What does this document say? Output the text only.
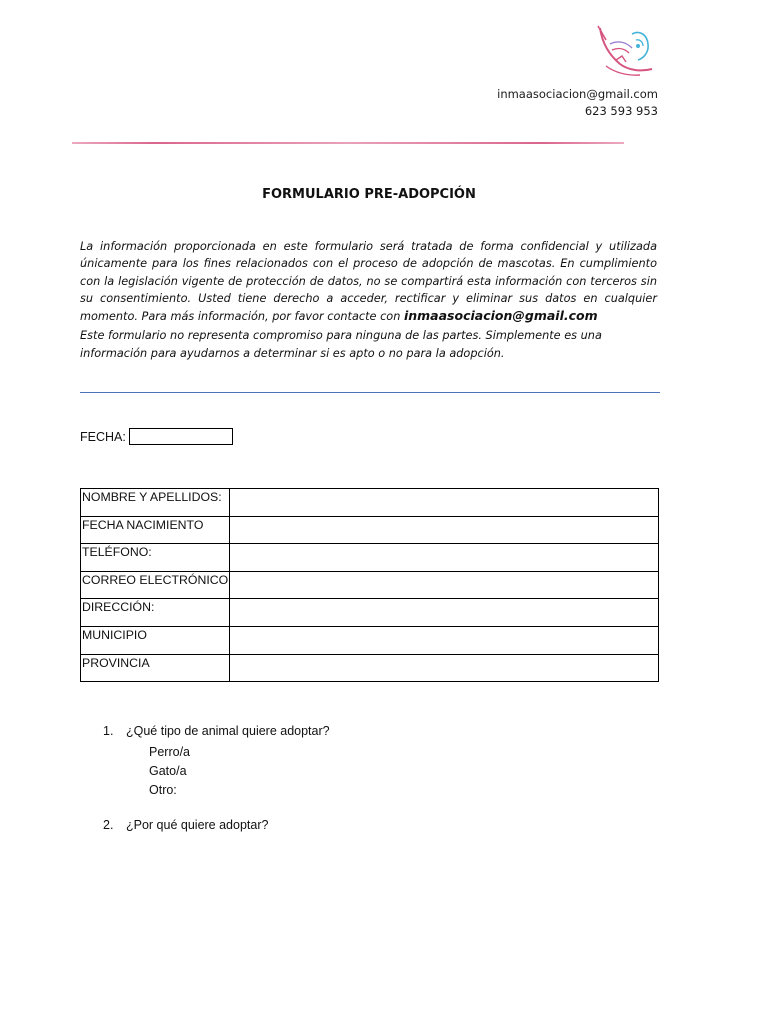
inmaasociacion@gmail.com
623 593 953
FORMULARIO PRE-ADOPCIÓN

La información proporcionada en este formulario será tratada de forma confidencial y utilizada únicamente para los fines relacionados con el proceso de adopción de mascotas. En cumplimiento con la legislación vigente de protección de datos, no se compartirá esta información con terceros sin su consentimiento. Usted tiene derecho a acceder, rectificar y eliminar sus datos en cualquier momento. Para más información, por favor contacte con inmaasociacion@gmail.com

Este formulario no representa compromiso para ninguna de las partes. Simplemente es una información para ayudarnos a determinar si es apto o no para la adopción.

FECHA:
NOMBRE Y APELLIDOS:	
FECHA NACIMIENTO	
TELÉFONO:	
CORREO ELECTRÓNICO	
DIRECCIÓN:	
MUNICIPIO	
PROVINCIA	
1. ¿Qué tipo de animal quiere adoptar?
Perro/a
Gato/a
Otro:
2. ¿Por qué quiere adoptar?
